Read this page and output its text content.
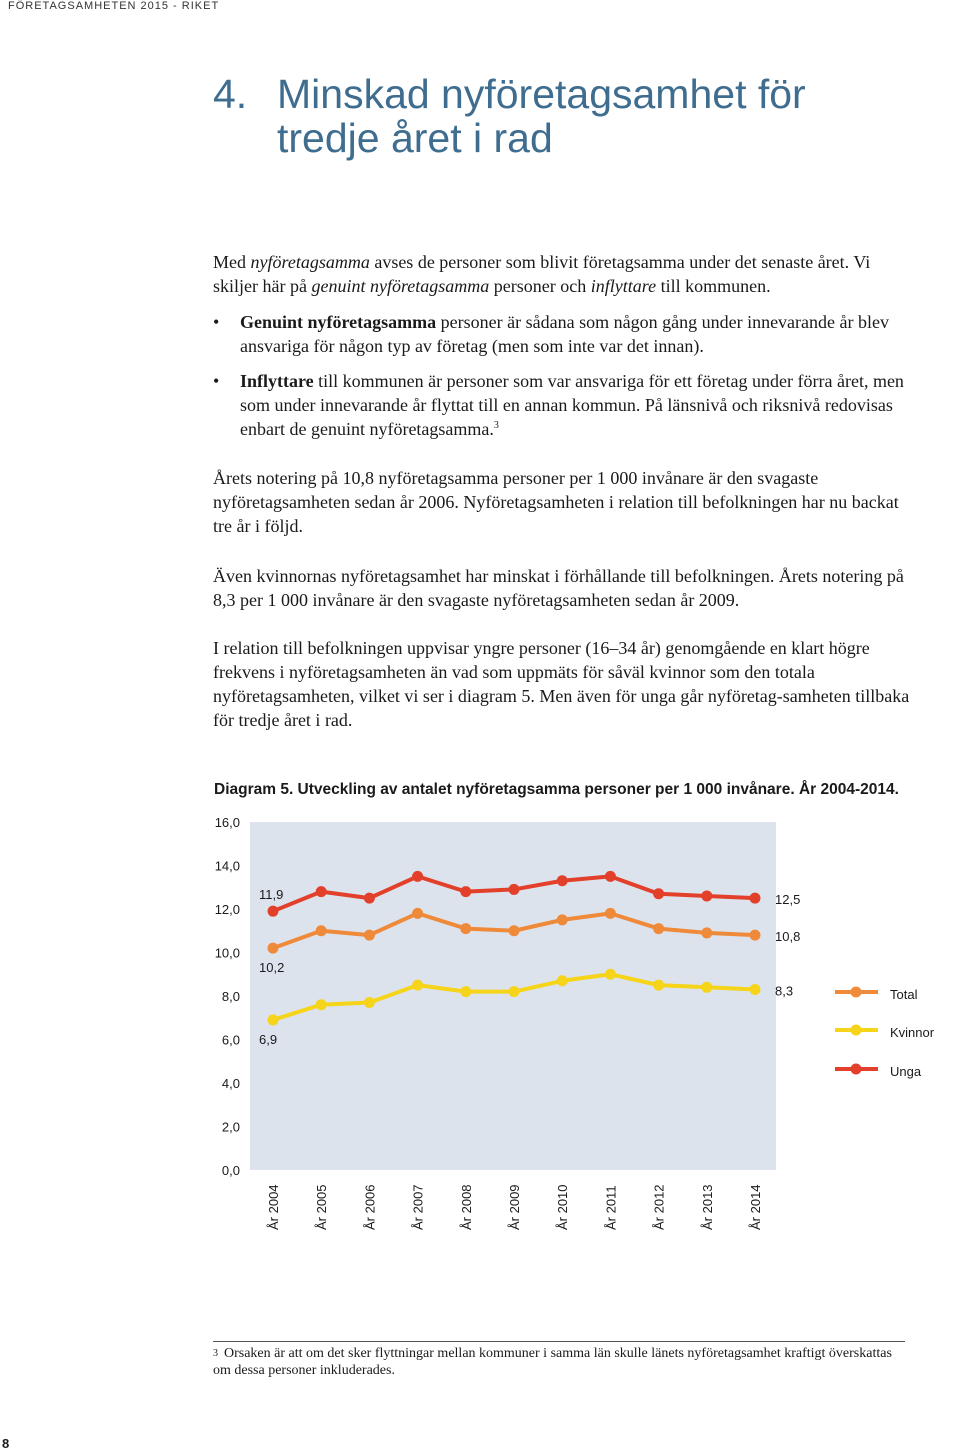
FÖRETAGSAMHETEN 2015 - RIKET
4. Minskad nyföretagsamhet för tredje året i rad

Med nyföretagsamma avses de personer som blivit företagsamma under det senaste året. Vi skiljer här på genuint nyföretagsamma personer och inflyttare till kommunen.

• Genuint nyföretagsamma personer är sådana som någon gång under innevarande år blev ansvariga för någon typ av företag (men som inte var det innan).
• Inflyttare till kommunen är personer som var ansvariga för ett företag under förra året, men som under innevarande år flyttat till en annan kommun. På länsnivå och riksnivå redovisas enbart de genuint nyföretagsamma.$^3$

Årets notering på 10,8 nyföretagsamma personer per 1 000 invånare är den svagaste nyföretagsamheten sedan år 2006. Nyföretagsamheten i relation till befolkningen har nu backat tre år i följd.

Även kvinnornas nyföretagsamhet har minskat i förhållande till befolkningen. Årets notering på 8,3 per 1 000 invånare är den svagaste nyföretagsamheten sedan år 2009.

I relation till befolkningen uppvisar yngre personer (16–34 år) genomgående en klart högre frekvens i nyföretagsamheten än vad som uppmäts för såväl kvinnor som den totala nyföretagsamheten, vilket vi ser i diagram 5. Men även för unga går nyföretag-samheten tillbaka för tredje året i rad.

Diagram 5. Utveckling av antalet nyföretagsamma personer per 1 000 invånare. År 2004-2014.
0,0
2,0
4,0
6,0
8,0
10,0
12,0
14,0
16,0
År 2004	År 2005	År 2006	År 2007	År 2008	År 2009	År 2010	År 2011	År 2012	År 2013	År 2014
11,9	12,5
10,2
10,8
6,9
8,3	Total
Kvinnor
Unga
$^3$ Orsaken är att om det sker flyttningar mellan kommuner i samma län skulle länets nyföretagsamhet kraftigt överskattas om dessa personer inkluderades.
8
